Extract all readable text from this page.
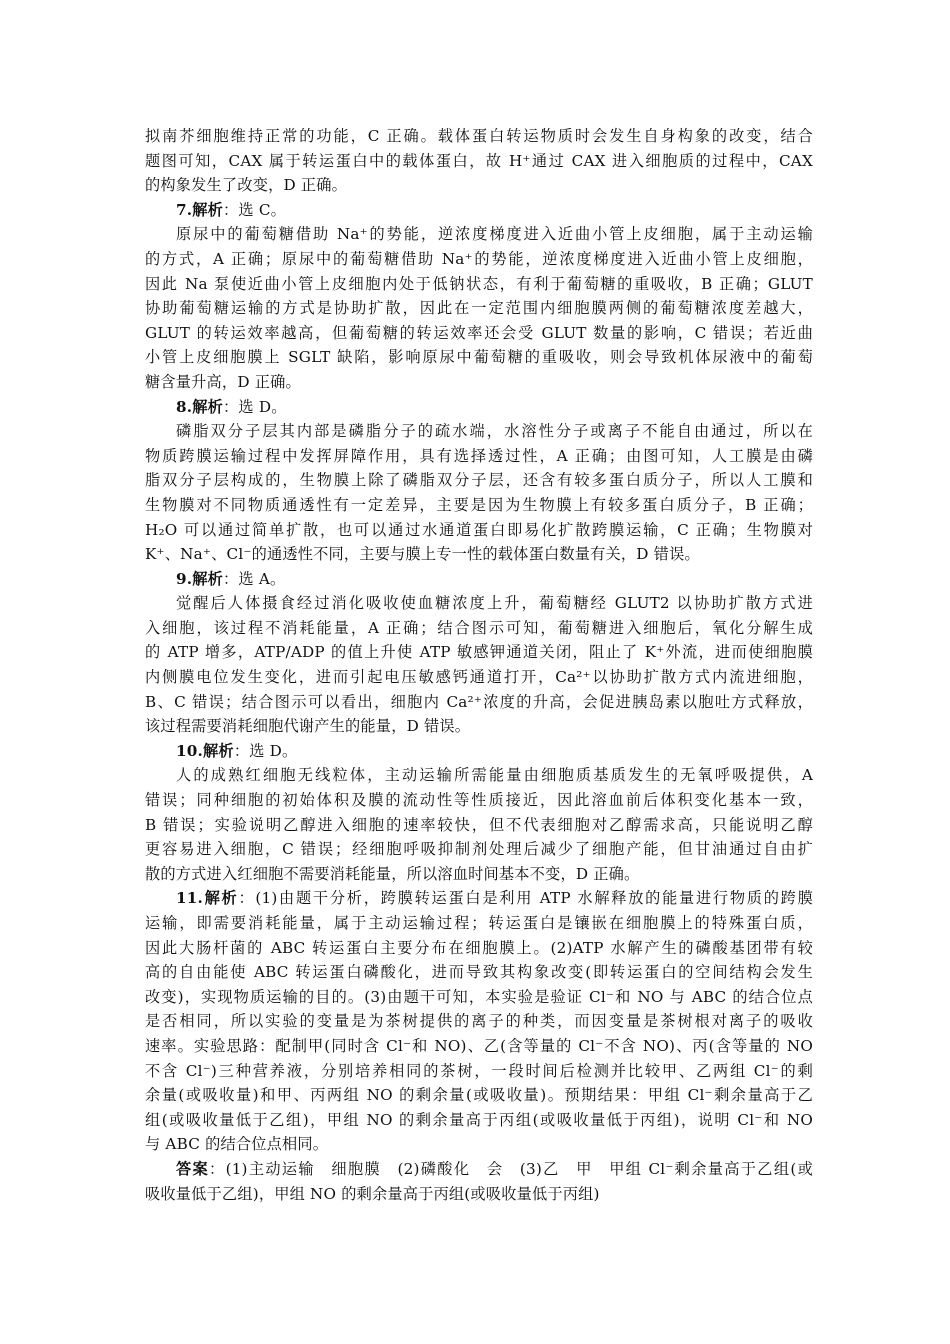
拟南芥细胞维持正常的功能，C 正确。载体蛋白转运物质时会发生自身构象的改变，结合
题图可知，CAX 属于转运蛋白中的载体蛋白，故 H⁺通过 CAX 进入细胞质的过程中，CAX
的构象发生了改变，D 正确。
7.解析：选 C。
原尿中的葡萄糖借助 Na⁺的势能，逆浓度梯度进入近曲小管上皮细胞，属于主动运输
的方式，A 正确；原尿中的葡萄糖借助 Na⁺的势能，逆浓度梯度进入近曲小管上皮细胞，
因此 Na 泵使近曲小管上皮细胞内处于低钠状态，有利于葡萄糖的重吸收，B 正确；GLUT
协助葡萄糖运输的方式是协助扩散，因此在一定范围内细胞膜两侧的葡萄糖浓度差越大，
GLUT 的转运效率越高，但葡萄糖的转运效率还会受 GLUT 数量的影响，C 错误；若近曲
小管上皮细胞膜上 SGLT 缺陷，影响原尿中葡萄糖的重吸收，则会导致机体尿液中的葡萄
糖含量升高，D 正确。
8.解析：选 D。
磷脂双分子层其内部是磷脂分子的疏水端，水溶性分子或离子不能自由通过，所以在
物质跨膜运输过程中发挥屏障作用，具有选择透过性，A 正确；由图可知，人工膜是由磷
脂双分子层构成的，生物膜上除了磷脂双分子层，还含有较多蛋白质分子，所以人工膜和
生物膜对不同物质通透性有一定差异，主要是因为生物膜上有较多蛋白质分子，B 正确；
H₂O 可以通过简单扩散，也可以通过水通道蛋白即易化扩散跨膜运输，C 正确；生物膜对
K⁺、Na⁺、Cl⁻的通透性不同，主要与膜上专一性的载体蛋白数量有关，D 错误。
9.解析：选 A。
觉醒后人体摄食经过消化吸收使血糖浓度上升，葡萄糖经 GLUT2 以协助扩散方式进
入细胞，该过程不消耗能量，A 正确；结合图示可知，葡萄糖进入细胞后，氧化分解生成
的 ATP 增多，ATP/ADP 的值上升使 ATP 敏感钾通道关闭，阻止了 K⁺外流，进而使细胞膜
内侧膜电位发生变化，进而引起电压敏感钙通道打开，Ca²⁺以协助扩散方式内流进细胞，
B、C 错误；结合图示可以看出，细胞内 Ca²⁺浓度的升高，会促进胰岛素以胞吐方式释放，
该过程需要消耗细胞代谢产生的能量，D 错误。
10.解析：选 D。
人的成熟红细胞无线粒体，主动运输所需能量由细胞质基质发生的无氧呼吸提供，A
错误；同种细胞的初始体积及膜的流动性等性质接近，因此溶血前后体积变化基本一致，
B 错误；实验说明乙醇进入细胞的速率较快，但不代表细胞对乙醇需求高，只能说明乙醇
更容易进入细胞，C 错误；经细胞呼吸抑制剂处理后减少了细胞产能，但甘油通过自由扩
散的方式进入红细胞不需要消耗能量，所以溶血时间基本不变，D 正确。
11.解析：(1)由题干分析，跨膜转运蛋白是利用 ATP 水解释放的能量进行物质的跨膜
运输，即需要消耗能量，属于主动运输过程；转运蛋白是镶嵌在细胞膜上的特殊蛋白质，
因此大肠杆菌的 ABC 转运蛋白主要分布在细胞膜上。(2)ATP 水解产生的磷酸基团带有较
高的自由能使 ABC 转运蛋白磷酸化，进而导致其构象改变(即转运蛋白的空间结构会发生
改变)，实现物质运输的目的。(3)由题干可知，本实验是验证 Cl⁻和 NO 与 ABC 的结合位点
是否相同，所以实验的变量是为茶树提供的离子的种类，而因变量是茶树根对离子的吸收
速率。实验思路：配制甲(同时含 Cl⁻和 NO)、乙(含等量的 Cl⁻不含 NO)、丙(含等量的 NO
不含 Cl⁻)三种营养液，分别培养相同的茶树，一段时间后检测并比较甲、乙两组 Cl⁻的剩
余量(或吸收量)和甲、丙两组 NO 的剩余量(或吸收量)。预期结果：甲组 Cl⁻剩余量高于乙
组(或吸收量低于乙组)，甲组 NO 的剩余量高于丙组(或吸收量低于丙组)，说明 Cl⁻和 NO
与 ABC 的结合位点相同。
答案：(1)主动运输　细胞膜　(2)磷酸化　会　(3)乙　甲　甲组 Cl⁻剩余量高于乙组(或
吸收量低于乙组)，甲组 NO 的剩余量高于丙组(或吸收量低于丙组)
